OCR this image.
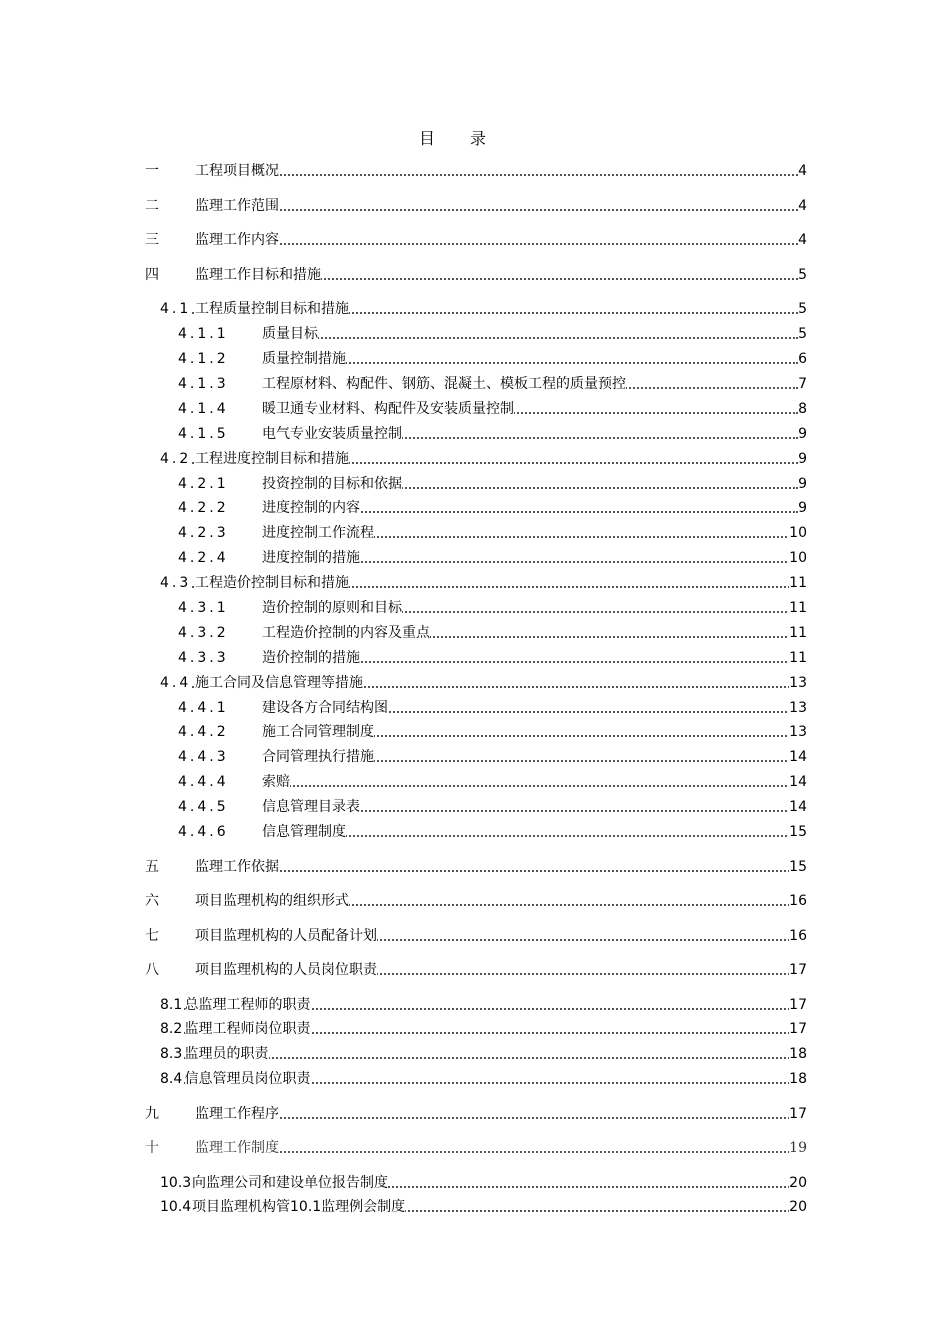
目　　录
一	工程项目概况	4
二	监理工作范围	4
三	监理工作内容	4
四	监理工作目标和措施	5
4.1 工程质量控制目标和措施	5
4.1.1 质量目标	5
4.1.2 质量控制措施	6
4.1.3 工程原材料、构配件、钢筋、混凝土、模板工程的质量预控	7
4.1.4 暖卫通专业材料、构配件及安装质量控制	8
4.1.5 电气专业安装质量控制	9
4.2 工程进度控制目标和措施	9
4.2.1 投资控制的目标和依据	9
4.2.2 进度控制的内容	9
4.2.3 进度控制工作流程	10
4.2.4 进度控制的措施	10
4.3 工程造价控制目标和措施	11
4.3.1 造价控制的原则和目标	11
4.3.2 工程造价控制的内容及重点	11
4.3.3 造价控制的措施	11
4.4 施工合同及信息管理等措施	13
4.4.1 建设各方合同结构图	13
4.4.2 施工合同管理制度	13
4.4.3 合同管理执行措施	14
4.4.4 索赔	14
4.4.5 信息管理目录表	14
4.4.6 信息管理制度	15
五	监理工作依据	15
六	项目监理机构的组织形式	16
七	项目监理机构的人员配备计划	16
八	项目监理机构的人员岗位职责	17
8.1 总监理工程师的职责	17
8.2 监理工程师岗位职责	17
8.3 监理员的职责	18
8.4 信息管理员岗位职责	18
九	监理工作程序	17
十	监理工作制度	19
10.3 向监理公司和建设单位报告制度	20
10.4 项目监理机构管10.1监理例会制度	20
